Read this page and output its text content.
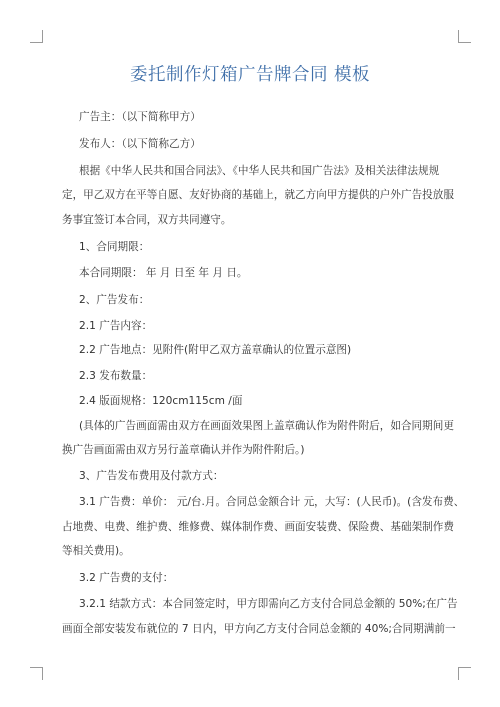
委托制作灯箱广告牌合同 模板
广告主：（以下简称甲方）
发布人：（以下简称乙方）
根据《中华人民共和国合同法》、《中华人民共和国广告法》及相关法律法规规
定，甲乙双方在平等自愿、友好协商的基础上，就乙方向甲方提供的户外广告投放服
务事宜签订本合同，双方共同遵守。
1、合同期限：
本合同期限： 年 月 日至 年 月 日。
2、广告发布：
2.1 广告内容：
2.2 广告地点：见附件(附甲乙双方盖章确认的位置示意图)
2.3 发布数量：
2.4 版面规格：120cm115cm /面
(具体的广告画面需由双方在画面效果图上盖章确认作为附件附后，如合同期间更
换广告画面需由双方另行盖章确认并作为附件附后。)
3、广告发布费用及付款方式：
3.1 广告费：单价： 元/台.月。合同总金额合计 元，大写：(人民币)。(含发布费、
占地费、电费、维护费、维修费、媒体制作费、画面安装费、保险费、基础架制作费
等相关费用)。
3.2 广告费的支付：
3.2.1 结款方式：本合同签定时，甲方即需向乙方支付合同总金额的 50%;在广告
画面全部安装发布就位的 7 日内，甲方向乙方支付合同总金额的 40%;合同期满前一
